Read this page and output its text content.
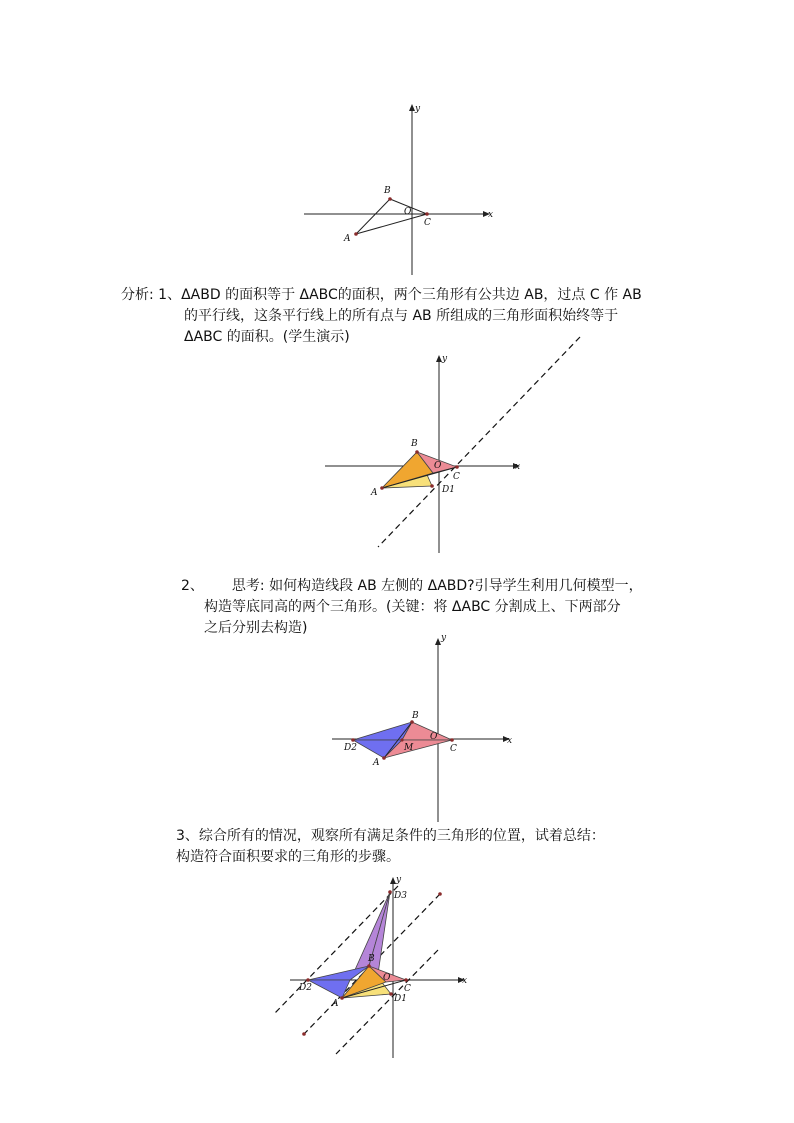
x
y
A
B
C
O
分析: 1、ΔABD 的面积等于 ΔABC的面积，两个三角形有公共边 AB，过点 C 作 AB
的平行线，这条平行线上的所有点与 AB 所组成的三角形面积始终等于
ΔABC 的面积。(学生演示)
x
y
A
B
C
O
D1
2、 思考: 如何构造线段 AB 左侧的 ΔABD?引导学生利用几何模型一，
构造等底同高的两个三角形。(关键：将 ΔABC 分割成上、下两部分
之后分别去构造)
x
y
D2
A
B
C
M
O
3、综合所有的情况，观察所有满足条件的三角形的位置，试着总结：
构造符合面积要求的三角形的步骤。
x
y
D3
D2
A
B
C
O
D1
